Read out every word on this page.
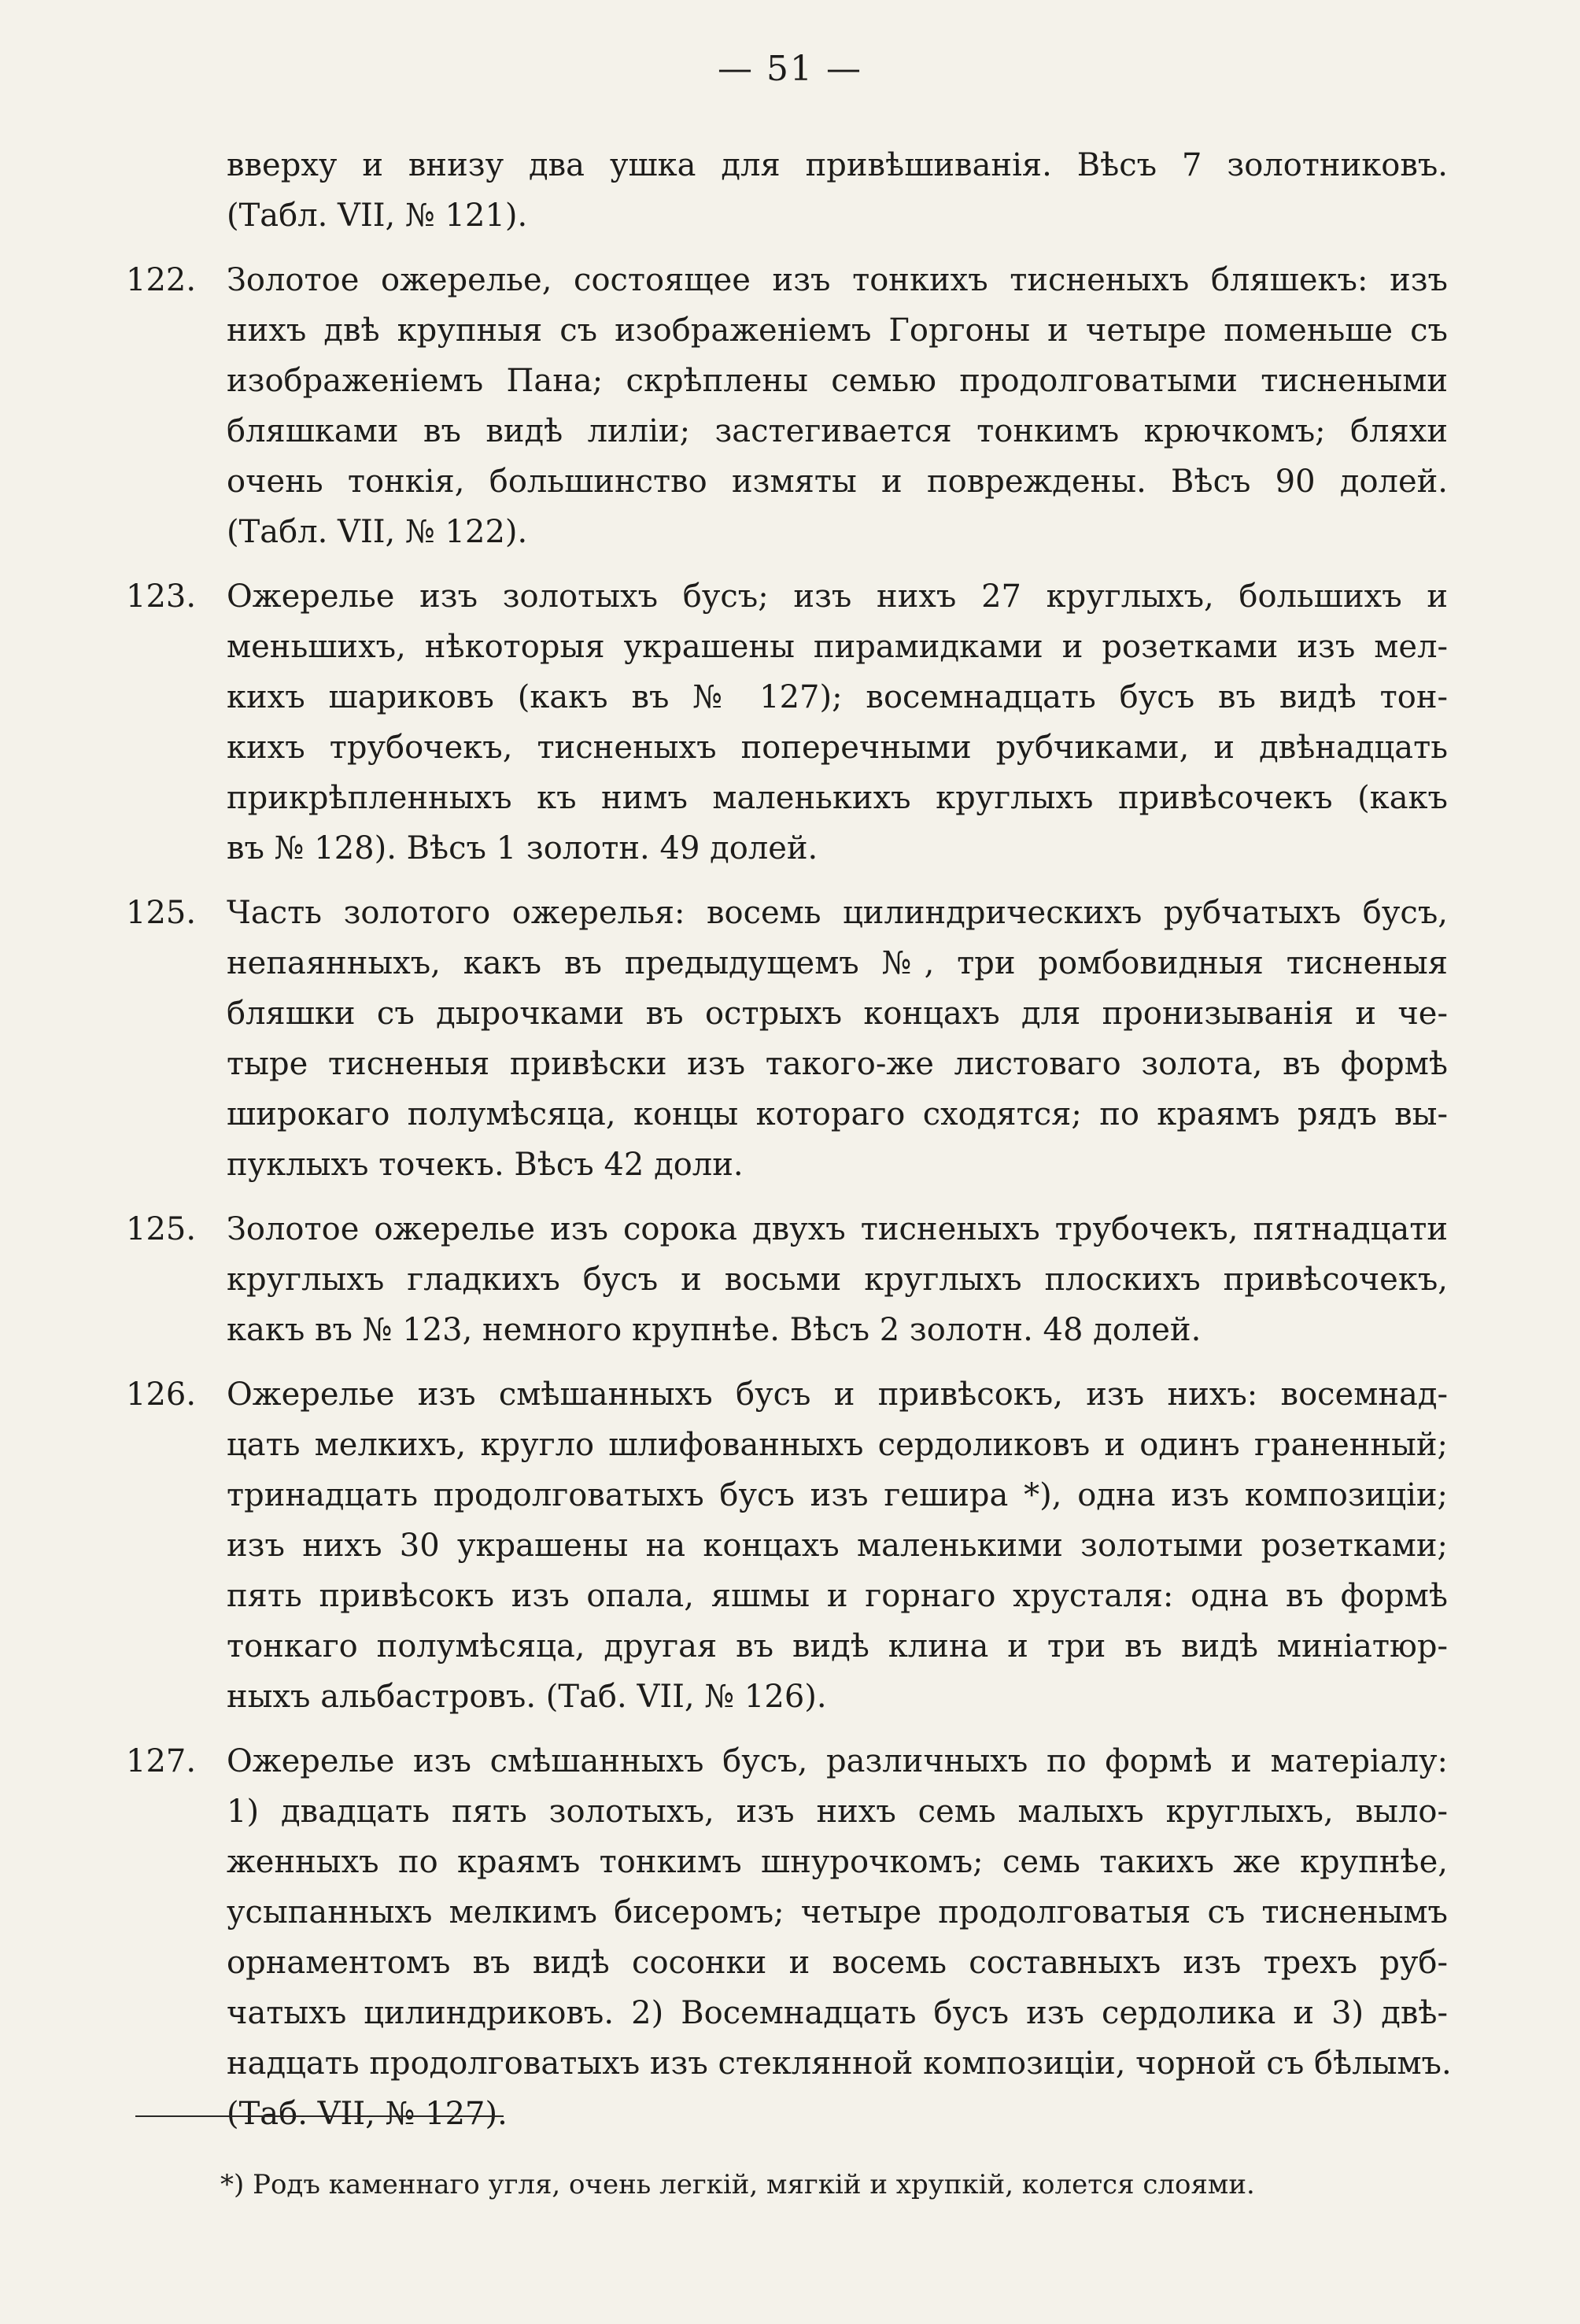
— 51 —
вверху и внизу два ушка для привѣшиванія. Вѣсъ 7 золотниковъ.
(Табл. VII, № 121).
122. Золотое ожерелье, состоящее изъ тонкихъ тисненыхъ бляшекъ: изъ
нихъ двѣ крупныя съ изображеніемъ Горгоны и четыре поменьше съ
изображеніемъ Пана; скрѣплены семью продолговатыми тиснеными
бляшками въ видѣ лиліи; застегивается тонкимъ крючкомъ; бляхи
очень тонкія, большинство измяты и повреждены. Вѣсъ 90 долей.
(Табл. VII, № 122).
123. Ожерелье изъ золотыхъ бусъ; изъ нихъ 27 круглыхъ, большихъ и
меньшихъ, нѣкоторыя украшены пирамидками и розетками изъ мел-
кихъ шариковъ (какъ въ № 127); восемнадцать бусъ въ видѣ тон-
кихъ трубочекъ, тисненыхъ поперечными рубчиками, и двѣнадцать
прикрѣпленныхъ къ нимъ маленькихъ круглыхъ привѣсочекъ (какъ
въ № 128). Вѣсъ 1 золотн. 49 долей.
125. Часть золотого ожерелья: восемь цилиндрическихъ рубчатыхъ бусъ,
непаянныхъ, какъ въ предыдущемъ №, три ромбовидныя тисненыя
бляшки съ дырочками въ острыхъ концахъ для пронизыванія и че-
тыре тисненыя привѣски изъ такого-же листоваго золота, въ формѣ
широкаго полумѣсяца, концы котораго сходятся; по краямъ рядъ вы-
пуклыхъ точекъ. Вѣсъ 42 доли.
125. Золотое ожерелье изъ сорока двухъ тисненыхъ трубочекъ, пятнадцати
круглыхъ гладкихъ бусъ и восьми круглыхъ плоскихъ привѣсочекъ,
какъ въ № 123, немного крупнѣе. Вѣсъ 2 золотн. 48 долей.
126. Ожерелье изъ смѣшанныхъ бусъ и привѣсокъ, изъ нихъ: восемнад-
цать мелкихъ, кругло шлифованныхъ сердоликовъ и одинъ граненный;
тринадцать продолговатыхъ бусъ изъ гешира *), одна изъ композиціи;
изъ нихъ 30 украшены на концахъ маленькими золотыми розетками;
пять привѣсокъ изъ опала, яшмы и горнаго хрусталя: одна въ формѣ
тонкаго полумѣсяца, другая въ видѣ клина и три въ видѣ миніатюр-
ныхъ альбастровъ. (Таб. VII, № 126).
127. Ожерелье изъ смѣшанныхъ бусъ, различныхъ по формѣ и матеріалу:
1) двадцать пять золотыхъ, изъ нихъ семь малыхъ круглыхъ, выло-
женныхъ по краямъ тонкимъ шнурочкомъ; семь такихъ же крупнѣе,
усыпанныхъ мелкимъ бисеромъ; четыре продолговатыя съ тисненымъ
орнаментомъ въ видѣ сосонки и восемь составныхъ изъ трехъ руб-
чатыхъ цилиндриковъ. 2) Восемнадцать бусъ изъ сердолика и 3) двѣ-
надцать продолговатыхъ изъ стеклянной композиціи, чорной съ бѣлымъ.
(Таб. VII, № 127).
*) Родъ каменнаго угля, очень легкій, мягкій и хрупкій, колется слоями.
